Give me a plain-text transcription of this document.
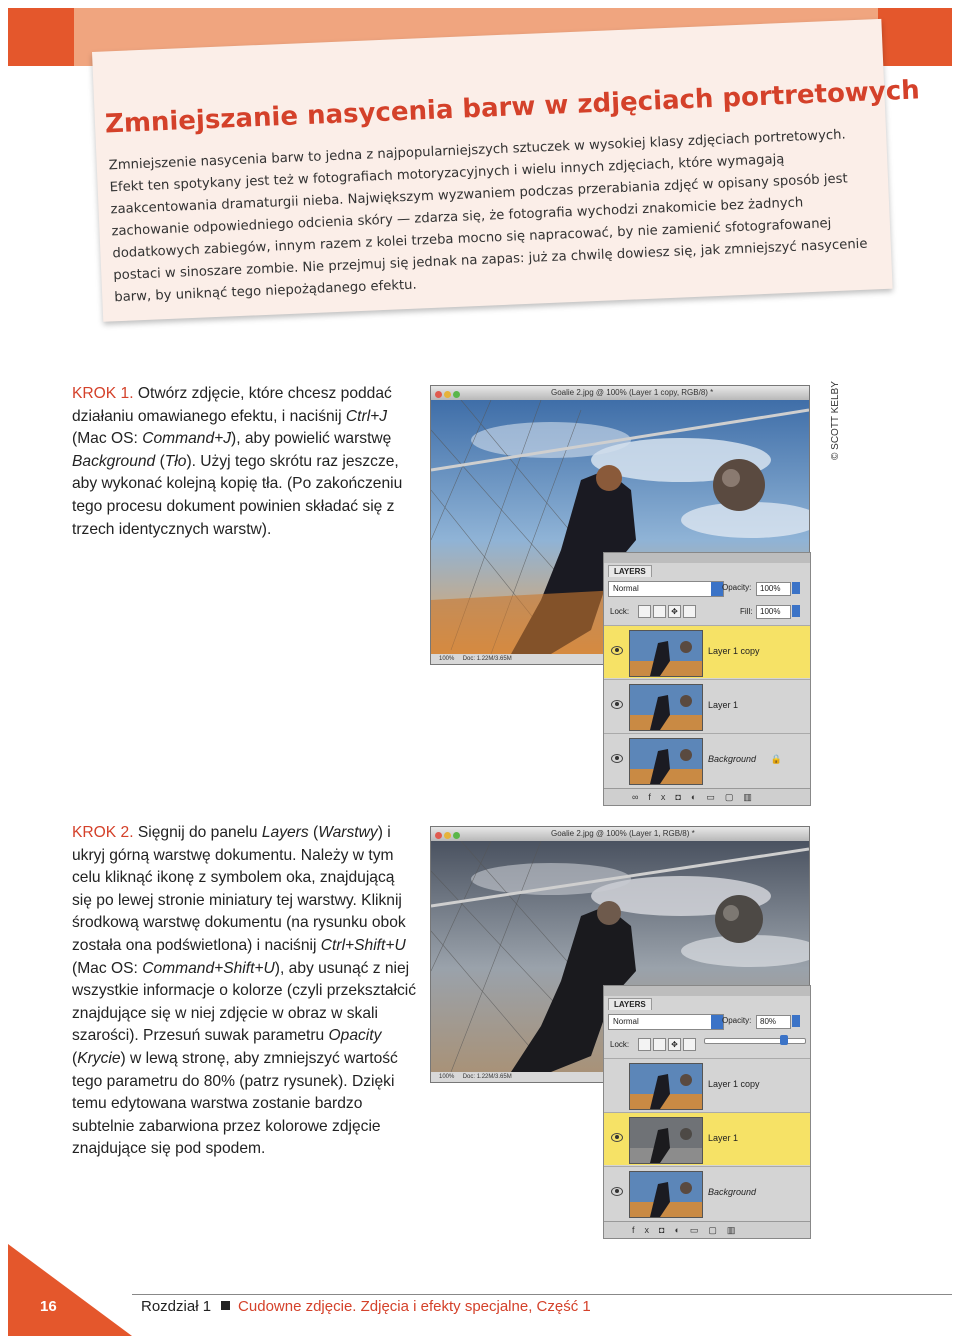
Zmniejszanie nasycenia barw w zdjęciach portretowych

Zmniejszenie nasycenia barw to jedna z najpopularniejszych sztuczek w wysokiej klasy zdjęciach portretowych. Efekt ten spotykany jest też w fotografiach motoryzacyjnych i wielu innych zdjęciach, które wymagają zaakcentowania dramaturgii nieba. Największym wyzwaniem podczas przerabiania zdjęć w opisany sposób jest zachowanie odpowiedniego odcienia skóry — zdarza się, że fotografia wychodzi znakomicie bez żadnych dodatkowych zabiegów, innym razem z kolei trzeba mocno się napracować, by nie zamienić sfotografowanej postaci w sinoszare zombie. Nie przejmuj się jednak na zapas: już za chwilę dowiesz się, jak zmniejszyć nasycenie barw, by uniknąć tego niepożądanego efektu.

KROK 1. Otwórz zdjęcie, które chcesz poddać działaniu omawianego efektu, i naciśnij Ctrl+J (Mac OS: Command+J), aby powielić warstwę Background (Tło). Użyj tego skrótu raz jeszcze, aby wykonać kolejną kopię tła. (Po zakończeniu tego procesu dokument powinien składać się z trzech identycznych warstw).
Goalie 2.jpg @ 100% (Layer 1 copy, RGB/8) *
100% Doc: 1.22M/3.65M
© SCOTT KELBY
LAYERS
Normal	Opacity:	100%
Lock:	✥	Fill: 100%
Layer 1 copy
Layer 1
Background 🔒
∞fx◘◐▭▢▥
KROK 2. Sięgnij do panelu Layers (Warstwy) i ukryj górną warstwę dokumentu. Należy w tym celu kliknąć ikonę z symbolem oka, znajdującą się po lewej stronie miniatury tej warstwy. Kliknij środkową warstwę dokumentu (na rysunku obok została ona podświetlona) i naciśnij Ctrl+Shift+U (Mac OS: Command+Shift+U), aby usunąć z niej wszystkie informacje o kolorze (czyli przekształcić znajdujące się w niej zdjęcie w obraz w skali szarości). Przesuń suwak parametru Opacity (Krycie) w lewą stronę, aby zmniejszyć wartość tego parametru do 80% (patrz rysunek). Dzięki temu edytowana warstwa zostanie bardzo subtelnie zabarwiona przez kolorowe zdjęcie znajdujące się pod spodem.
Goalie 2.jpg @ 100% (Layer 1, RGB/8) *
100% Doc: 1.22M/3.65M
LAYERS
Normal	Opacity:	80%
Lock:	✥
Layer 1 copy
Layer 1
Background
fx◘◐▭▢▥
16	Rozdział 1 Cudowne zdjęcie. Zdjęcia i efekty specjalne, Część 1
